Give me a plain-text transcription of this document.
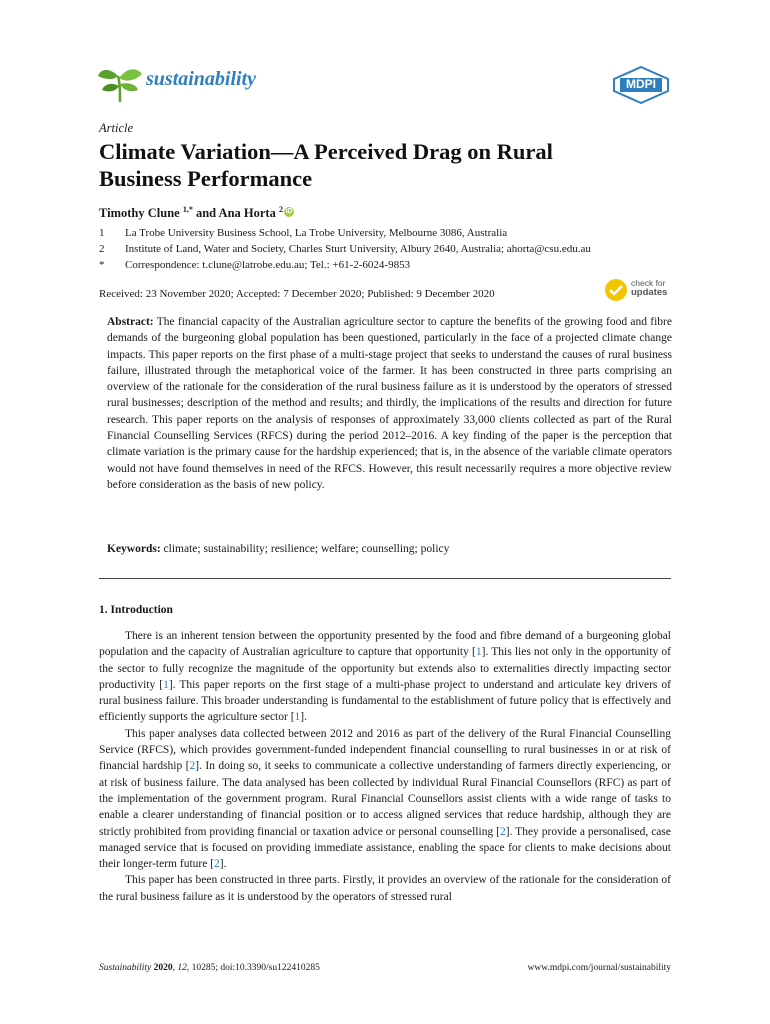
sustainability	MDPI
Article
Climate Variation—A Perceived Drag on Rural
Business Performance
Timothy Clune $^{1,*}$ and Ana Horta $^2$ iD
1	La Trobe University Business School, La Trobe University, Melbourne 3086, Australia
2	Institute of Land, Water and Society, Charles Sturt University, Albury 2640, Australia; ahorta@csu.edu.au
*	Correspondence: t.clune@latrobe.edu.au; Tel.: +61-2-6024-9853
Received: 23 November 2020; Accepted: 7 December 2020; Published: 9 December 2020
check for
updates
Abstract: The financial capacity of the Australian agriculture sector to capture the benefits of the growing food and fibre demands of the burgeoning global population has been questioned, particularly in the face of a projected climate change impacts. This paper reports on the first phase of a multi-stage project that seeks to understand the causes of rural business failure, illustrated through the metaphorical voice of the farmer. It has been constructed in three parts comprising an overview of the rationale for the consideration of the rural business failure as it is understood by the operators of stressed rural businesses; description of the method and results; and thirdly, the implications of the results and direction for future research. This paper reports on the analysis of responses of approximately 33,000 clients collected as part of the Rural Financial Counselling Services (RFCS) during the period 2012–2016. A key finding of the paper is the perception that climate variation is the primary cause for the hardship experienced; that is, in the absence of the variable climate operators would not have found themselves in need of the RFCS. However, this result necessarily requires a more objective review before consideration as the basis of new policy.
Keywords: climate; sustainability; resilience; welfare; counselling; policy
1. Introduction

There is an inherent tension between the opportunity presented by the food and fibre demand of a burgeoning global population and the capacity of Australian agriculture to capture that opportunity [1]. This lies not only in the opportunity of the sector to fully recognize the magnitude of the opportunity but extends also to externalities directly impacting sector productivity [1]. This paper reports on the first stage of a multi-phase project to understand and articulate key drivers of rural business failure. This broader understanding is fundamental to the establishment of future policy that is effectively and efficiently supports the agriculture sector [1].

This paper analyses data collected between 2012 and 2016 as part of the delivery of the Rural Financial Counselling Service (RFCS), which provides government-funded independent financial counselling to rural businesses in or at risk of financial hardship [2]. In doing so, it seeks to communicate a collective understanding of farmers directly experiencing, or at risk of business failure. The data analysed has been collected by individual Rural Financial Counsellors (RFC) as part of the implementation of the government program. Rural Financial Counsellors assist clients with a wide range of tasks to enable a clearer understanding of financial position or to access aligned services that reduce hardship, although they are strictly prohibited from providing financial or taxation advice or personal counselling [2]. They provide a personalised, case managed service that is focused on providing immediate assistance, enabling the space for clients to make decisions about their longer-term future [2].

This paper has been constructed in three parts. Firstly, it provides an overview of the rationale for the consideration of the rural business failure as it is understood by the operators of stressed rural

Sustainability 2020, 12, 10285; doi:10.3390/su122410285	www.mdpi.com/journal/sustainability
